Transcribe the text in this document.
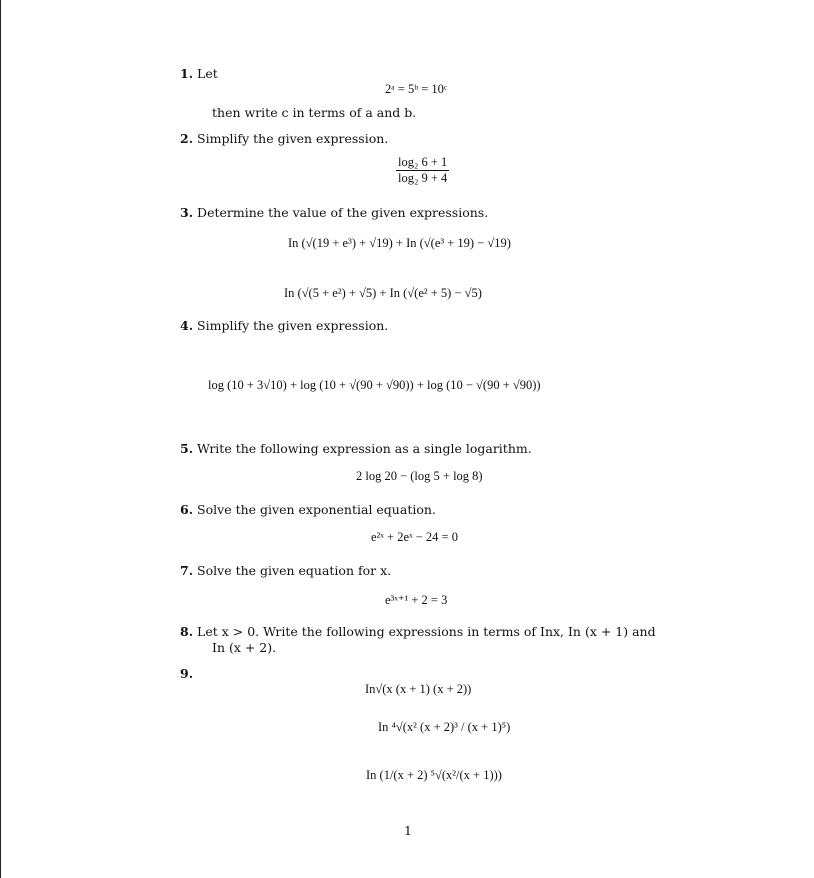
1. Let
2ᵃ = 5ᵇ = 10ᶜ
then write c in terms of a and b.
2. Simplify the given expression.
$\frac{\text{log₂ 6 + 1}}{\text{log₂ 9 + 4}}$
3. Determine the value of the given expressions.
In (√(19 + e³) + √19) + In (√(e³ + 19) − √19)
In (√(5 + e²) + √5) + In (√(e² + 5) − √5)
4. Simplify the given expression.
log (10 + 3√10) + log (10 + √(90 + √90)) + log (10 − √(90 + √90))
5. Write the following expression as a single logarithm.
2 log 20 − (log 5 + log 8)
6. Solve the given exponential equation.
e²ˣ + 2eˣ − 24 = 0
7. Solve the given equation for x.
e³ˣ⁺¹ + 2 = 3
8. Let x > 0. Write the following expressions in terms of Inx, In (x + 1) and
In (x + 2).
9.
In√(x (x + 1) (x + 2))
In ⁴√(x² (x + 2)³ / (x + 1)⁵)
In (1/(x + 2) ⁵√(x²/(x + 1)))
1
